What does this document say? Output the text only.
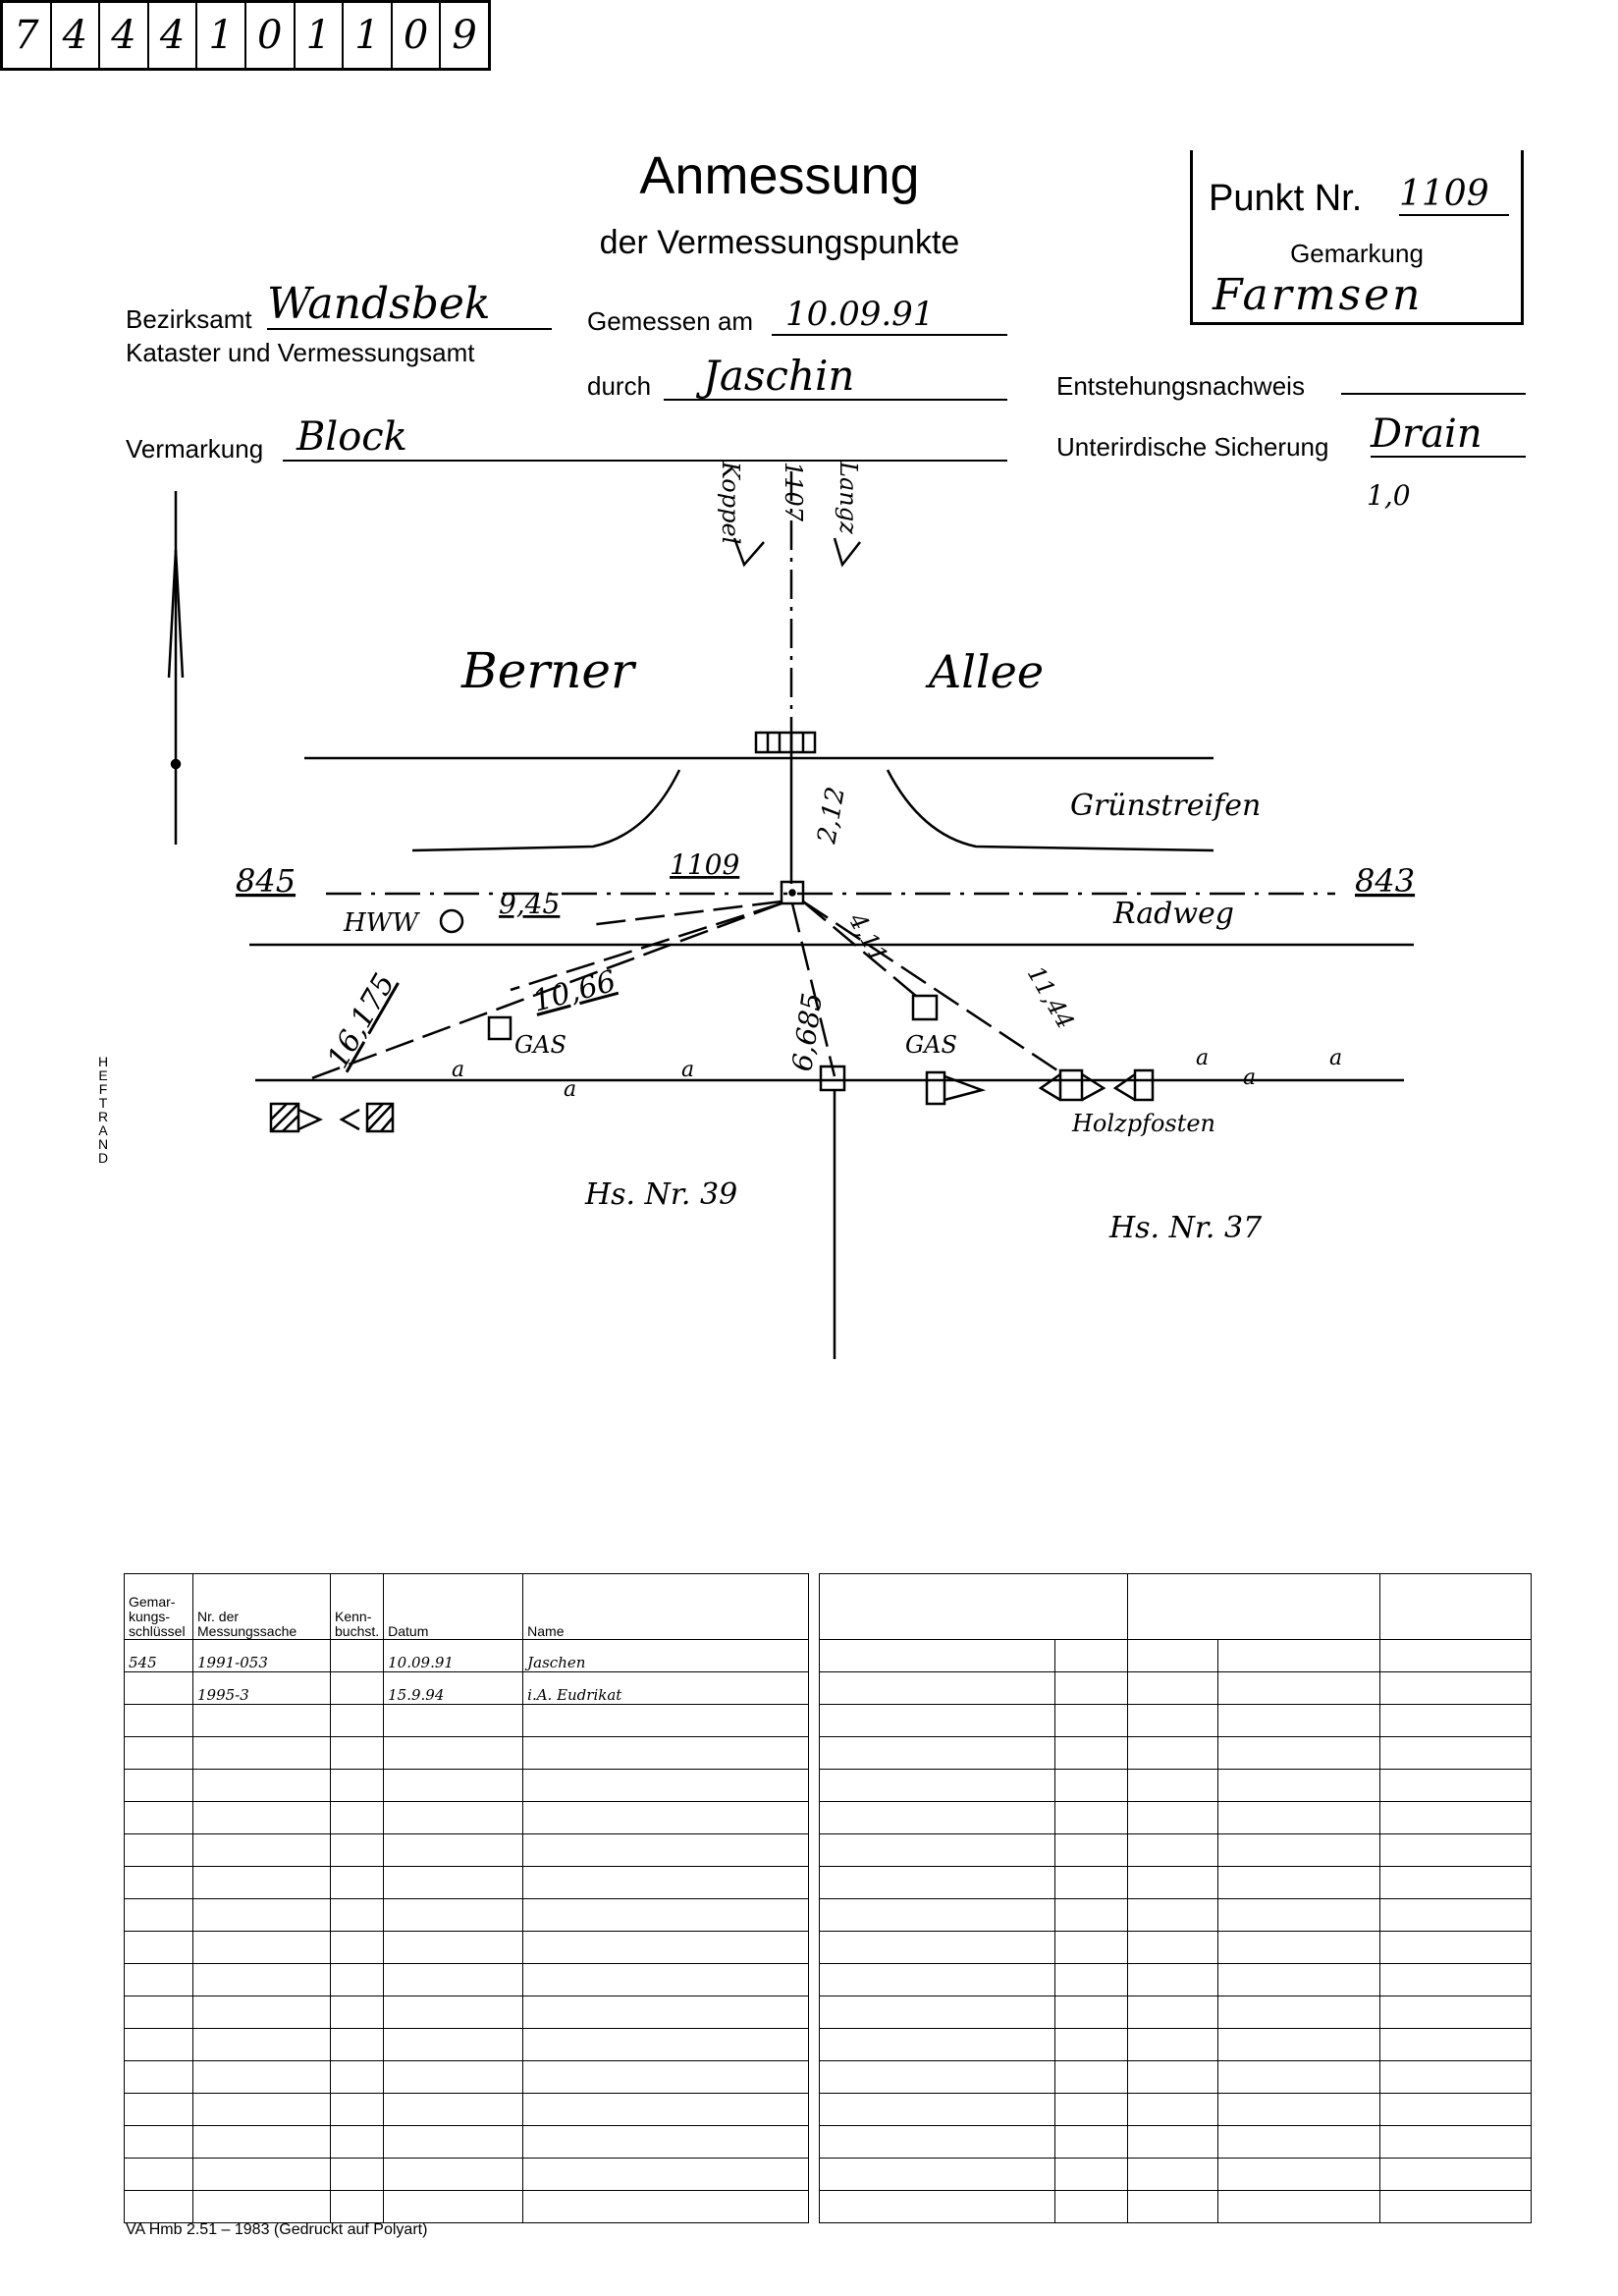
7 4 4 4 1 0 1 1 0 9
Punkt Nr. 1109
Gemarkung
Farmsen
Anmessung
der Vermessungspunkte
Bezirksamt Wandsbek
Kataster und Vermessungsamt
Gemessen am 10.09.91
durch	Jaschin
Vermarkung Block
Entstehungsnachweis
Unterirdische Sicherung Drain
1,0
HEFTRAND
Berner	Allee
Grünstreifen
Radweg
1109
845	843
HWW
9,45
2,12
10,66
16,175	6,685
4,11
11,44
GAS	GAS
Holzpfosten
Hs. Nr. 39
Hs. Nr. 37
Koppel 1107 Langz
a
a
a	a	a
a
Gemar-kungs-schlüssel	Nr. der Messungssache	Kenn-buchst.	Datum	Name
545	1991-053		10.09.91	Jaschen
	1995-3		15.9.94	i.A. Eudrikat

VA Hmb 2.51 – 1983 (Gedruckt auf Polyart)
